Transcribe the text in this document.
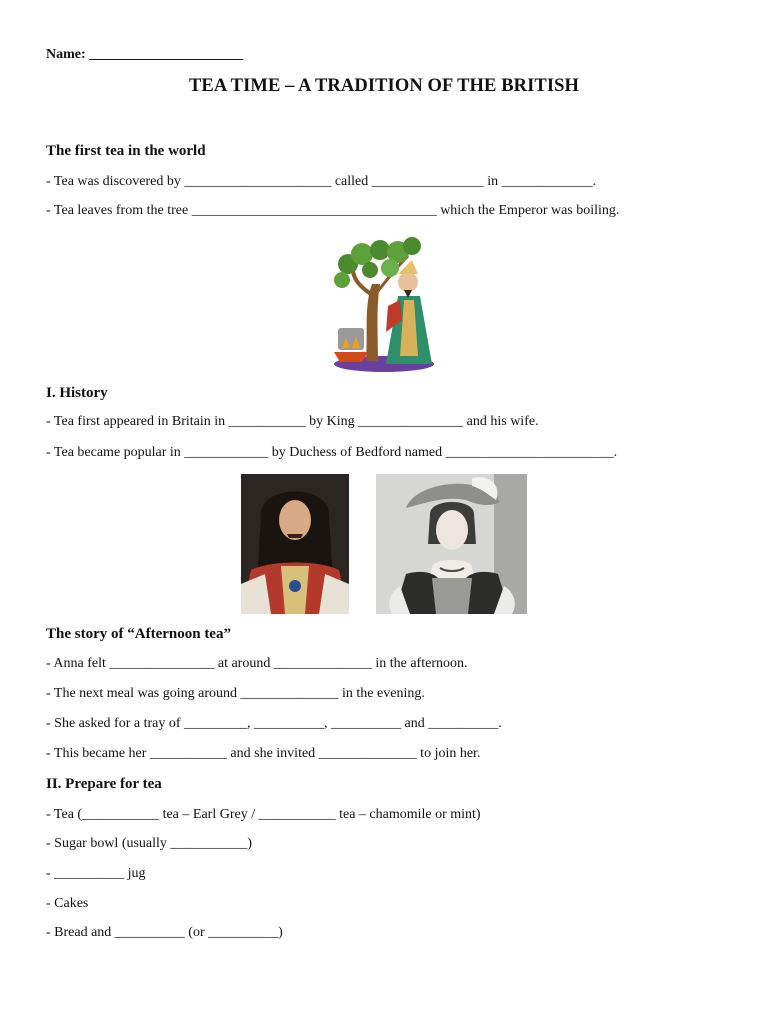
Name: ______________________
TEA TIME – A TRADITION OF THE BRITISH
The first tea in the world
- Tea was discovered by _____________________ called ________________ in _____________.
- Tea leaves from the tree ___________________________________ which the Emperor was boiling.
I. History
- Tea first appeared in Britain in ___________ by King _______________ and his wife.
- Tea became popular in ____________ by Duchess of Bedford named ________________________.
The story of “Afternoon tea”
- Anna felt _______________ at around ______________ in the afternoon.
- The next meal was going around ______________ in the evening.
- She asked for a tray of _________, __________, __________ and __________.
- This became her ___________ and she invited ______________ to join her.
II. Prepare for tea
- Tea (___________ tea – Earl Grey / ___________ tea – chamomile or mint)
- Sugar bowl (usually ___________)
- __________ jug
- Cakes
- Bread and __________ (or __________)
